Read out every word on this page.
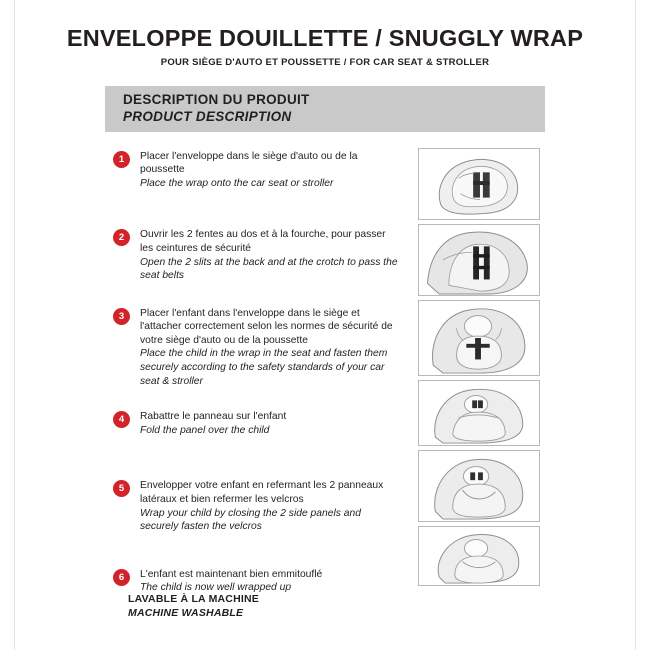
ENVELOPPE DOUILLETTE / SNUGGLY WRAP
POUR SIÈGE D'AUTO ET POUSSETTE / FOR CAR SEAT & STROLLER
DESCRIPTION DU PRODUIT
PRODUCT DESCRIPTION
1	Placer l'enveloppe dans le siège d'auto ou de la poussette
Place the wrap onto the car seat or stroller
2	Ouvrir les 2 fentes au dos et à la fourche, pour passer les ceintures de sécurité
Open the 2 slits at the back and at the crotch to pass the seat belts
3	Placer l'enfant dans l'enveloppe dans le siège et l'attacher correctement selon les normes de sécurité de votre siège d'auto ou de la poussette
Place the child in the wrap in the seat and fasten them securely according to the safety standards of your car seat & stroller
4	Rabattre le panneau sur l'enfant
Fold the panel over the child
5	Envelopper votre enfant en refermant les 2 panneaux latéraux et bien refermer les velcros
Wrap your child by closing the 2 side panels and securely fasten the velcros
6	L'enfant est maintenant bien emmitouflé
The child is now well wrapped up
LAVABLE À LA MACHINE
MACHINE WASHABLE
